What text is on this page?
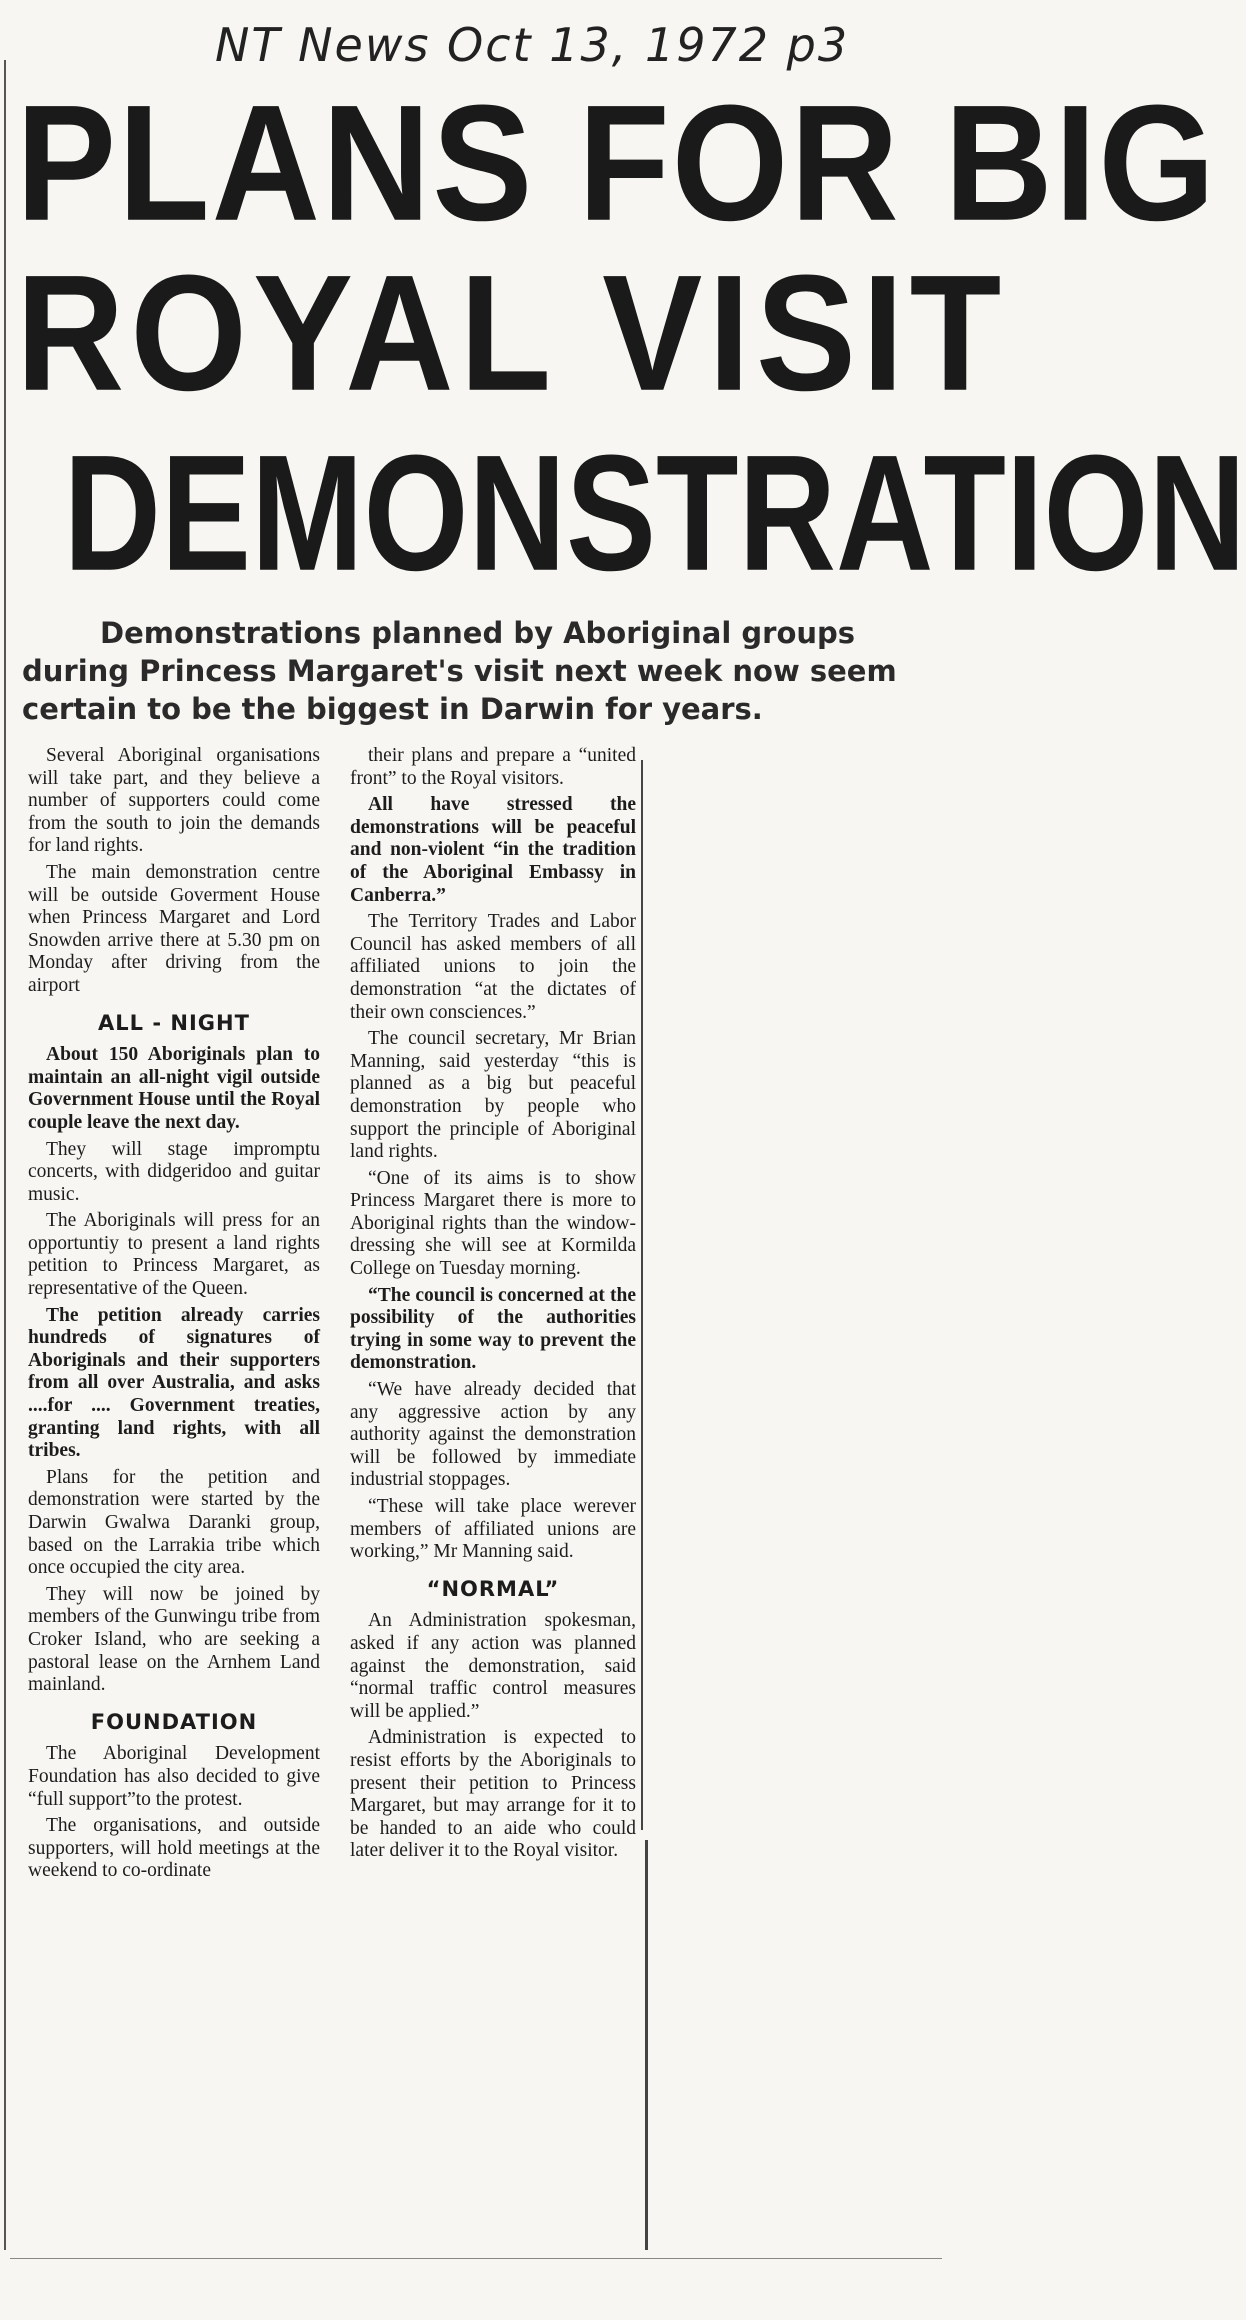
NT News Oct 13, 1972 p3
PLANS FOR BIG
ROYAL VISIT
DEMONSTRATION
Demonstrations planned by Aboriginal groups during Princess Margaret's visit next week now seem certain to be the biggest in Darwin for years.

Several Aboriginal organisations will take part, and they believe a number of supporters could come from the south to join the demands for land rights.

The main demonstration centre will be outside Goverment House when Princess Margaret and Lord Snowden arrive there at 5.30 pm on Monday after driving from the airport

ALL - NIGHT

About 150 Aboriginals plan to maintain an all-night vigil outside Government House until the Royal couple leave the next day.

They will stage impromptu concerts, with didgeridoo and guitar music.

The Aboriginals will press for an opportuntiy to present a land rights petition to Princess Margaret, as representative of the Queen.

The petition already carries hundreds of signatures of Aboriginals and their supporters from all over Australia, and asks ....for .... Government treaties, granting land rights, with all tribes.

Plans for the petition and demonstration were started by the Darwin Gwalwa Daranki group, based on the Larrakia tribe which once occupied the city area.

They will now be joined by members of the Gunwingu tribe from Croker Island, who are seeking a pastoral lease on the Arnhem Land mainland.

FOUNDATION

The Aboriginal Development Foundation has also decided to give “full support”to the protest.

The organisations, and outside supporters, will hold meetings at the weekend to co-ordinate

their plans and prepare a “united front” to the Royal visitors.

All have stressed the demonstrations will be peaceful and non-violent “in the tradition of the Aboriginal Embassy in Canberra.”

The Territory Trades and Labor Council has asked members of all affiliated unions to join the demonstration “at the dictates of their own consciences.”

The council secretary, Mr Brian Manning, said yesterday “this is planned as a big but peaceful demonstration by people who support the principle of Aboriginal land rights.

“One of its aims is to show Princess Margaret there is more to Aboriginal rights than the window-dressing she will see at Kormilda College on Tuesday morning.

“The council is concerned at the possibility of the authorities trying in some way to prevent the demonstration.

“We have already decided that any aggressive action by any authority against the demonstration will be followed by immediate industrial stoppages.

“These will take place werever members of affiliated unions are working,” Mr Manning said.

“NORMAL”

An Administration spokesman, asked if any action was planned against the demonstration, said “normal traffic control measures will be applied.”

Administration is expected to resist efforts by the Aboriginals to present their petition to Princess Margaret, but may arrange for it to be handed to an aide who could later deliver it to the Royal visitor.
